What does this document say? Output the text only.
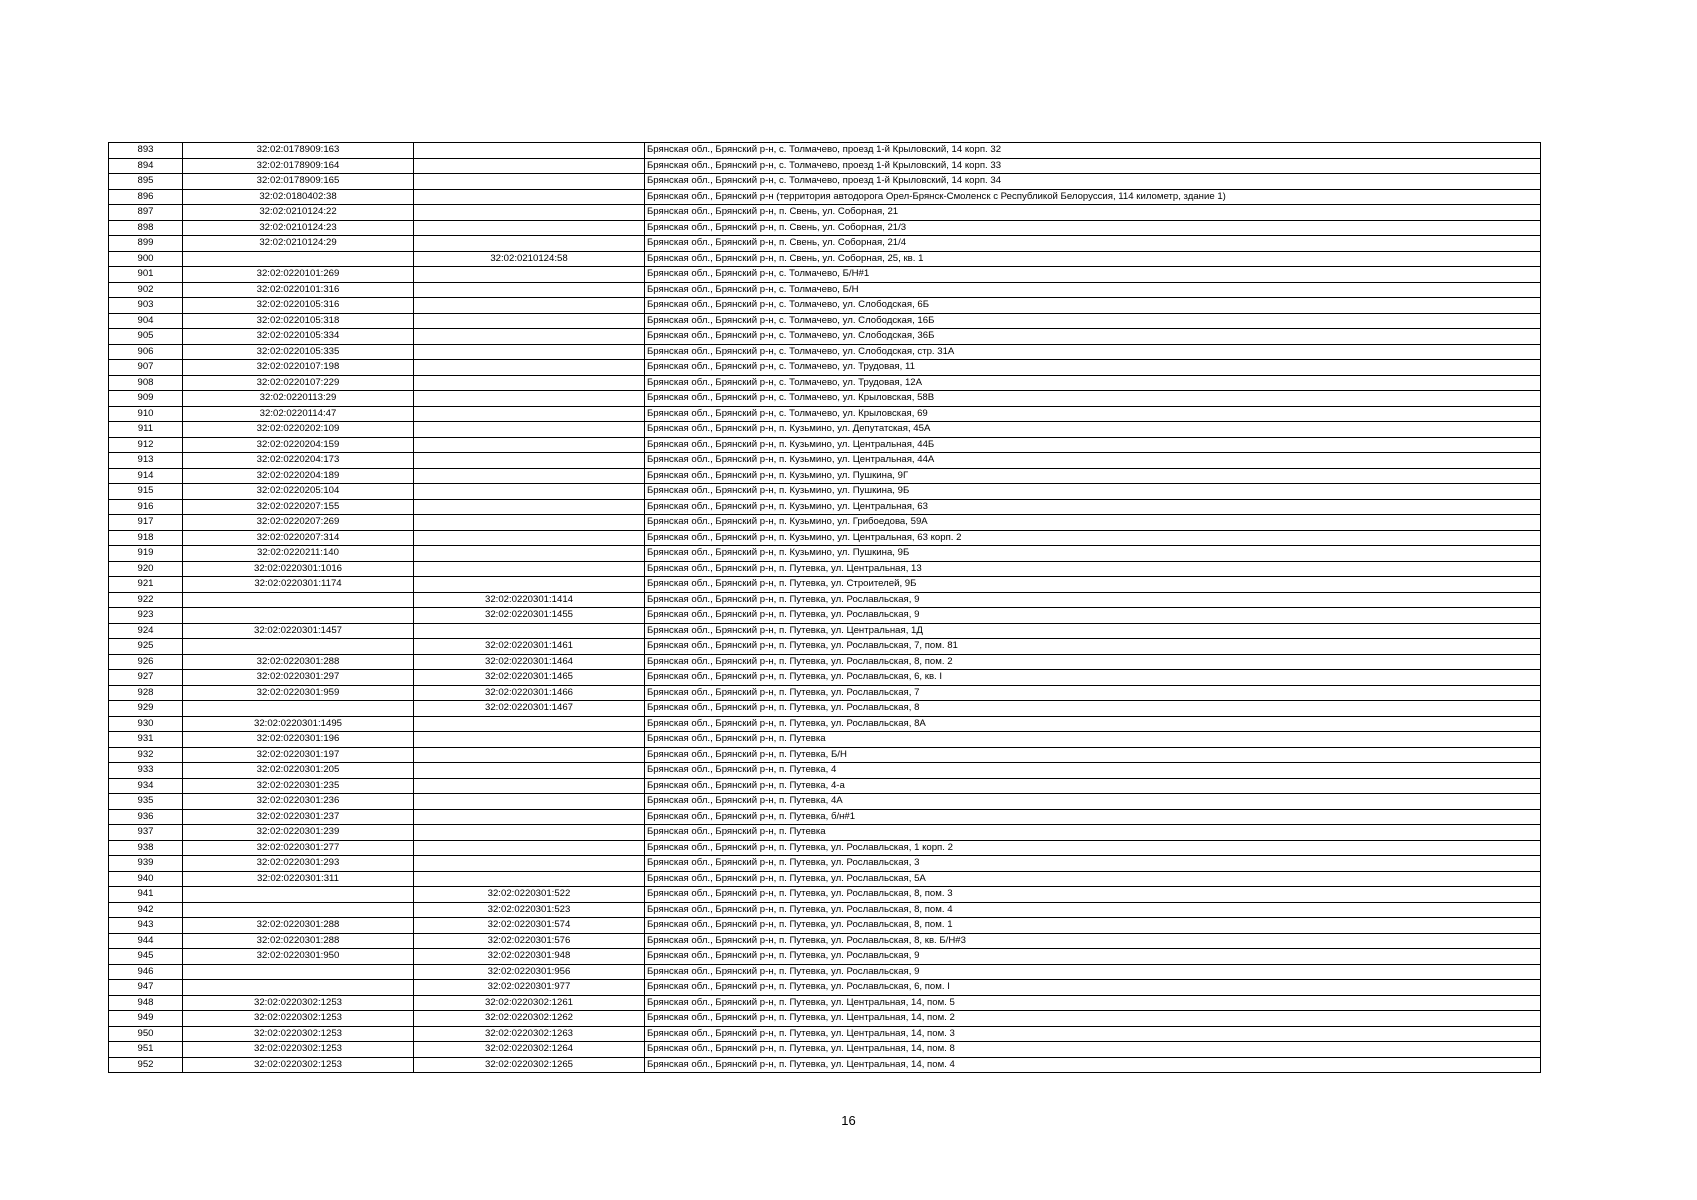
893	32:02:0178909:163		Брянская обл., Брянский р-н, с. Толмачево, проезд 1-й Крыловский, 14 корп. 32
894	32:02:0178909:164		Брянская обл., Брянский р-н, с. Толмачево, проезд 1-й Крыловский, 14 корп. 33
895	32:02:0178909:165		Брянская обл., Брянский р-н, с. Толмачево, проезд 1-й Крыловский, 14 корп. 34
896	32:02:0180402:38		Брянская обл., Брянский р-н (территория автодорога Орел-Брянск-Смоленск с Республикой Белоруссия, 114 километр, здание 1)
897	32:02:0210124:22		Брянская обл., Брянский р-н, п. Свень, ул. Соборная, 21
898	32:02:0210124:23		Брянская обл., Брянский р-н, п. Свень, ул. Соборная, 21/3
899	32:02:0210124:29		Брянская обл., Брянский р-н, п. Свень, ул. Соборная, 21/4
900		32:02:0210124:58	Брянская обл., Брянский р-н, п. Свень, ул. Соборная, 25, кв. 1
901	32:02:0220101:269		Брянская обл., Брянский р-н, с. Толмачево, Б/Н#1
902	32:02:0220101:316		Брянская обл., Брянский р-н, с. Толмачево, Б/Н
903	32:02:0220105:316		Брянская обл., Брянский р-н, с. Толмачево, ул. Слободская, 6Б
904	32:02:0220105:318		Брянская обл., Брянский р-н, с. Толмачево, ул. Слободская, 16Б
905	32:02:0220105:334		Брянская обл., Брянский р-н, с. Толмачево, ул. Слободская, 36Б
906	32:02:0220105:335		Брянская обл., Брянский р-н, с. Толмачево, ул. Слободская, стр. 31А
907	32:02:0220107:198		Брянская обл., Брянский р-н, с. Толмачево, ул. Трудовая, 11
908	32:02:0220107:229		Брянская обл., Брянский р-н, с. Толмачево, ул. Трудовая, 12А
909	32:02:0220113:29		Брянская обл., Брянский р-н, с. Толмачево, ул. Крыловская, 58В
910	32:02:0220114:47		Брянская обл., Брянский р-н, с. Толмачево, ул. Крыловская, 69
911	32:02:0220202:109		Брянская обл., Брянский р-н, п. Кузьмино, ул. Депутатская, 45А
912	32:02:0220204:159		Брянская обл., Брянский р-н, п. Кузьмино, ул. Центральная, 44Б
913	32:02:0220204:173		Брянская обл., Брянский р-н, п. Кузьмино, ул. Центральная, 44А
914	32:02:0220204:189		Брянская обл., Брянский р-н, п. Кузьмино, ул. Пушкина, 9Г
915	32:02:0220205:104		Брянская обл., Брянский р-н, п. Кузьмино, ул. Пушкина, 9Б
916	32:02:0220207:155		Брянская обл., Брянский р-н, п. Кузьмино, ул. Центральная, 63
917	32:02:0220207:269		Брянская обл., Брянский р-н, п. Кузьмино, ул. Грибоедова, 59А
918	32:02:0220207:314		Брянская обл., Брянский р-н, п. Кузьмино, ул. Центральная, 63 корп. 2
919	32:02:0220211:140		Брянская обл., Брянский р-н, п. Кузьмино, ул. Пушкина, 9Б
920	32:02:0220301:1016		Брянская обл., Брянский р-н, п. Путевка, ул. Центральная, 13
921	32:02:0220301:1174		Брянская обл., Брянский р-н, п. Путевка, ул. Строителей, 9Б
922		32:02:0220301:1414	Брянская обл., Брянский р-н, п. Путевка, ул. Рославльская, 9
923		32:02:0220301:1455	Брянская обл., Брянский р-н, п. Путевка, ул. Рославльская, 9
924	32:02:0220301:1457		Брянская обл., Брянский р-н, п. Путевка, ул. Центральная, 1Д
925		32:02:0220301:1461	Брянская обл., Брянский р-н, п. Путевка, ул. Рославльская, 7, пом. 81
926	32:02:0220301:288	32:02:0220301:1464	Брянская обл., Брянский р-н, п. Путевка, ул. Рославльская, 8, пом. 2
927	32:02:0220301:297	32:02:0220301:1465	Брянская обл., Брянский р-н, п. Путевка, ул. Рославльская, 6, кв. I
928	32:02:0220301:959	32:02:0220301:1466	Брянская обл., Брянский р-н, п. Путевка, ул. Рославльская, 7
929		32:02:0220301:1467	Брянская обл., Брянский р-н, п. Путевка, ул. Рославльская, 8
930	32:02:0220301:1495		Брянская обл., Брянский р-н, п. Путевка, ул. Рославльская, 8А
931	32:02:0220301:196		Брянская обл., Брянский р-н, п. Путевка
932	32:02:0220301:197		Брянская обл., Брянский р-н, п. Путевка, Б/Н
933	32:02:0220301:205		Брянская обл., Брянский р-н, п. Путевка, 4
934	32:02:0220301:235		Брянская обл., Брянский р-н, п. Путевка, 4-а
935	32:02:0220301:236		Брянская обл., Брянский р-н, п. Путевка, 4А
936	32:02:0220301:237		Брянская обл., Брянский р-н, п. Путевка, б/н#1
937	32:02:0220301:239		Брянская обл., Брянский р-н, п. Путевка
938	32:02:0220301:277		Брянская обл., Брянский р-н, п. Путевка, ул. Рославльская, 1 корп. 2
939	32:02:0220301:293		Брянская обл., Брянский р-н, п. Путевка, ул. Рославльская, 3
940	32:02:0220301:311		Брянская обл., Брянский р-н, п. Путевка, ул. Рославльская, 5А
941		32:02:0220301:522	Брянская обл., Брянский р-н, п. Путевка, ул. Рославльская, 8, пом. 3
942		32:02:0220301:523	Брянская обл., Брянский р-н, п. Путевка, ул. Рославльская, 8, пом. 4
943	32:02:0220301:288	32:02:0220301:574	Брянская обл., Брянский р-н, п. Путевка, ул. Рославльская, 8, пом. 1
944	32:02:0220301:288	32:02:0220301:576	Брянская обл., Брянский р-н, п. Путевка, ул. Рославльская, 8, кв. Б/Н#3
945	32:02:0220301:950	32:02:0220301:948	Брянская обл., Брянский р-н, п. Путевка, ул. Рославльская, 9
946		32:02:0220301:956	Брянская обл., Брянский р-н, п. Путевка, ул. Рославльская, 9
947		32:02:0220301:977	Брянская обл., Брянский р-н, п. Путевка, ул. Рославльская, 6, пом. I
948	32:02:0220302:1253	32:02:0220302:1261	Брянская обл., Брянский р-н, п. Путевка, ул. Центральная, 14, пом. 5
949	32:02:0220302:1253	32:02:0220302:1262	Брянская обл., Брянский р-н, п. Путевка, ул. Центральная, 14, пом. 2
950	32:02:0220302:1253	32:02:0220302:1263	Брянская обл., Брянский р-н, п. Путевка, ул. Центральная, 14, пом. 3
951	32:02:0220302:1253	32:02:0220302:1264	Брянская обл., Брянский р-н, п. Путевка, ул. Центральная, 14, пом. 8
952	32:02:0220302:1253	32:02:0220302:1265	Брянская обл., Брянский р-н, п. Путевка, ул. Центральная, 14, пом. 4
16
